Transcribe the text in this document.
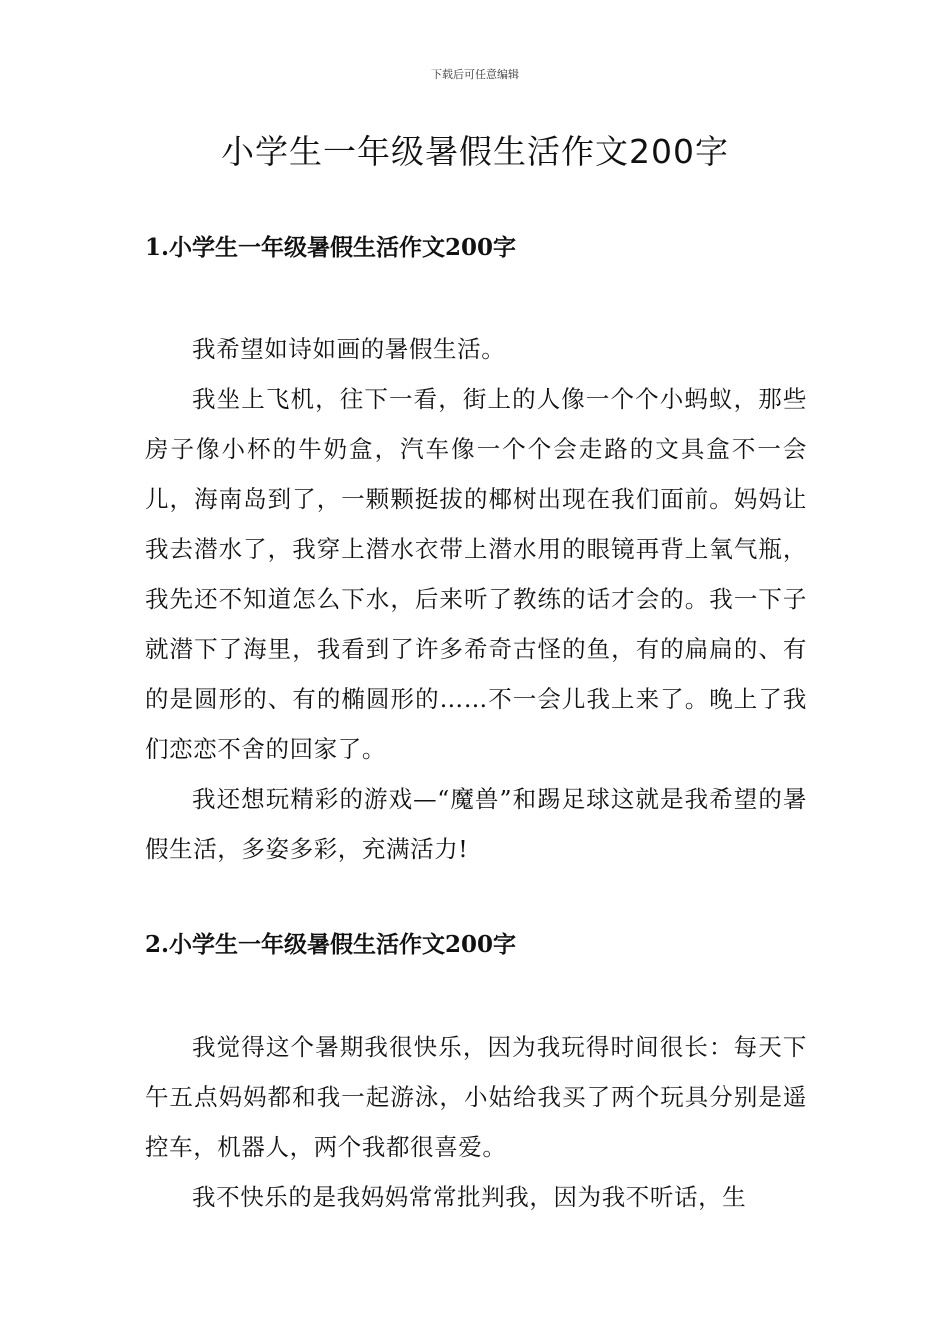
下载后可任意编辑
小学生一年级暑假生活作文200字
1.小学生一年级暑假生活作文200字

我希望如诗如画的暑假生活。

我坐上飞机，往下一看，街上的人像一个个小蚂蚁，那些房子像小杯的牛奶盒，汽车像一个个会走路的文具盒不一会儿，海南岛到了，一颗颗挺拔的椰树出现在我们面前。妈妈让我去潜水了，我穿上潜水衣带上潜水用的眼镜再背上氧气瓶，我先还不知道怎么下水，后来听了教练的话才会的。我一下子就潜下了海里，我看到了许多希奇古怪的鱼，有的扁扁的、有的是圆形的、有的椭圆形的……不一会儿我上来了。晚上了我们恋恋不舍的回家了。

我还想玩精彩的游戏—“魔兽”和踢足球这就是我希望的暑假生活，多姿多彩，充满活力!

2.小学生一年级暑假生活作文200字

我觉得这个暑期我很快乐，因为我玩得时间很长：每天下午五点妈妈都和我一起游泳，小姑给我买了两个玩具分别是遥控车，机器人，两个我都很喜爱。

我不快乐的是我妈妈常常批判我，因为我不听话，生
